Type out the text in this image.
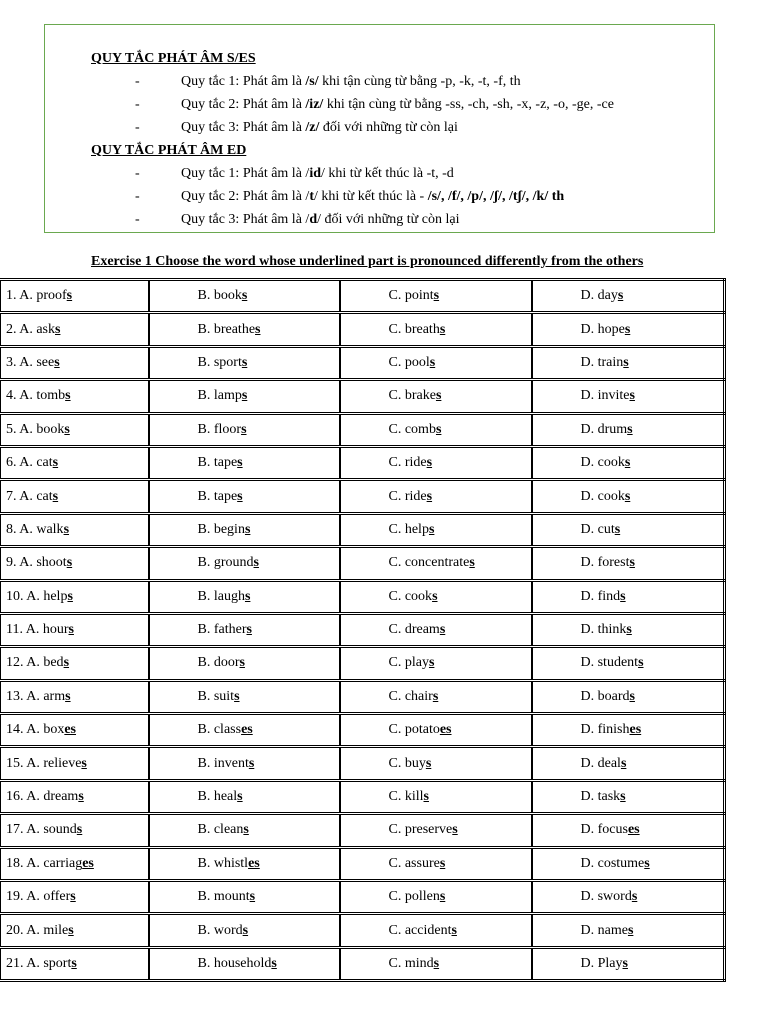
QUY TẮC PHÁT ÂM S/ES
-	Quy tắc 1: Phát âm là /s/ khi tận cùng từ bằng -p, -k, -t, -f, th
-	Quy tắc 2: Phát âm là /iz/ khi tận cùng từ bằng -ss, -ch, -sh, -x, -z, -o, -ge, -ce
-	Quy tắc 3: Phát âm là /z/ đối với những từ còn lại
QUY TẮC PHÁT ÂM ED
-	Quy tắc 1: Phát âm là /id/ khi từ kết thúc là -t, -d
-	Quy tắc 2: Phát âm là /t/ khi từ kết thúc là - /s/, /f/, /p/, /ʃ/, /tʃ/, /k/ th
-	Quy tắc 3: Phát âm là /d/ đối với những từ còn lại
Exercise 1 Choose the word whose underlined part is pronounced differently from the others
1. A. proofs	B. books	C. points	D. days
2. A. asks	B. breathes	C. breaths	D. hopes
3. A. sees	B. sports	C. pools	D. trains
4. A. tombs	B. lamps	C. brakes	D. invites
5. A. books	B. floors	C. combs	D. drums
6. A. cats	B. tapes	C. rides	D. cooks
7. A. cats	B. tapes	C. rides	D. cooks
8. A. walks	B. begins	C. helps	D. cuts
9. A. shoots	B. grounds	C. concentrates	D. forests
10. A. helps	B. laughs	C. cooks	D. finds
11. A. hours	B. fathers	C. dreams	D. thinks
12. A. beds	B. doors	C. plays	D. students
13. A. arms	B. suits	C. chairs	D. boards
14. A. boxes	B. classes	C. potatoes	D. finishes
15. A. relieves	B. invents	C. buys	D. deals
16. A. dreams	B. heals	C. kills	D. tasks
17. A. sounds	B. cleans	C. preserves	D. focuses
18. A. carriages	B. whistles	C. assures	D. costumes
19. A. offers	B. mounts	C. pollens	D. swords
20. A. miles	B. words	C. accidents	D. names
21. A. sports	B. households	C. minds	D. Plays
